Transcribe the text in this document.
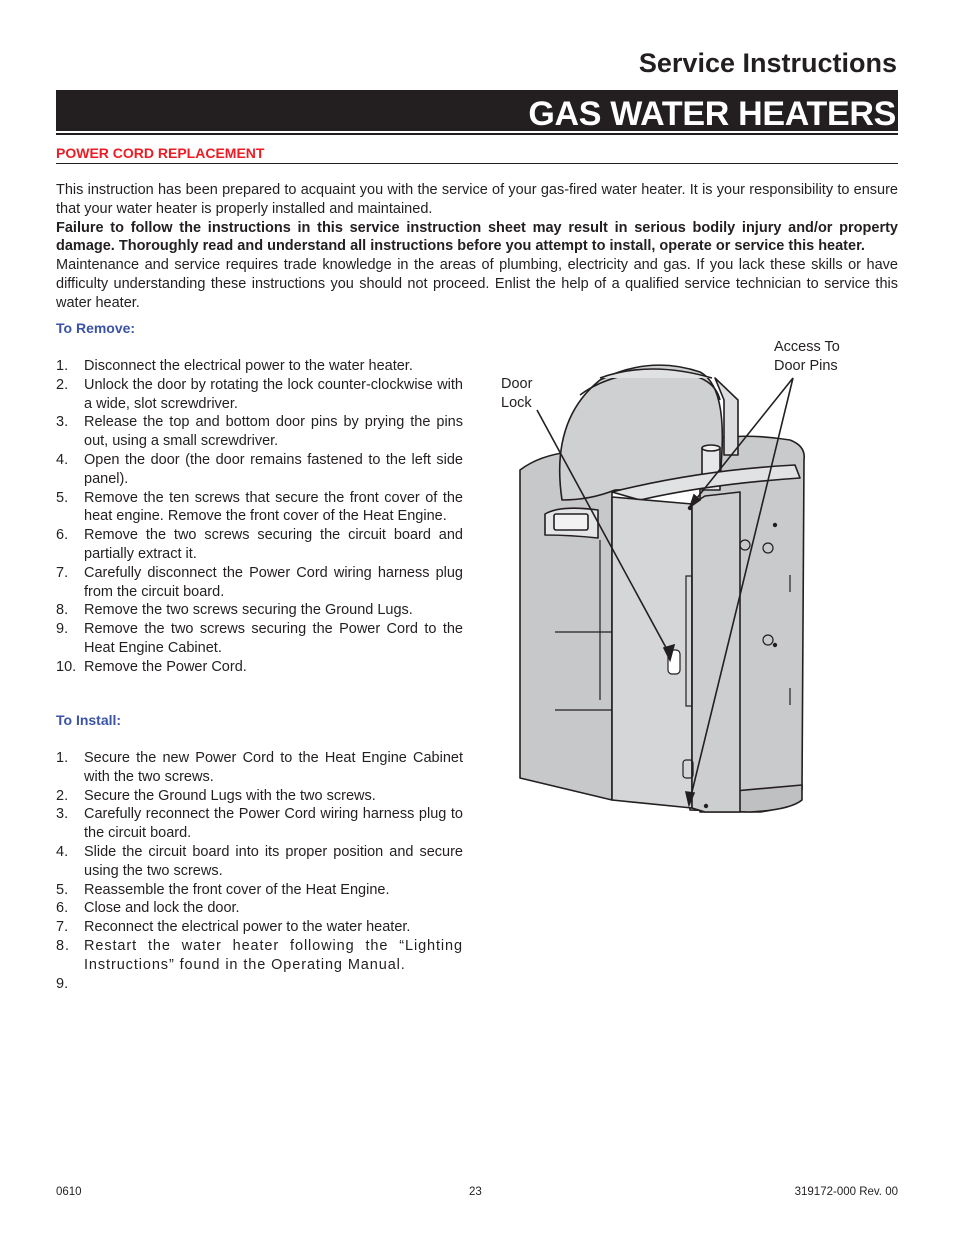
Service Instructions
GAS WATER HEATERS
POWER CORD REPLACEMENT

This instruction has been prepared to acquaint you with the service of your gas-fired water heater. It is your responsibility to ensure that your water heater is properly installed and maintained.

Failure to follow the instructions in this service instruction sheet may result in serious bodily injury and/or property damage. Thoroughly read and understand all instructions before you attempt to install, operate or service this heater.

Maintenance and service requires trade knowledge in the areas of plumbing, electricity and gas. If you lack these skills or have difficulty understanding these instructions you should not proceed. Enlist the help of a qualified service technician to service this water heater.

To Remove:
1. Disconnect the electrical power to the water heater.
2. Unlock the door by rotating the lock counter-clockwise with a wide, slot screwdriver.
3. Release the top and bottom door pins by prying the pins out, using a small screwdriver.
4. Open the door (the door remains fastened to the left side panel).
5. Remove the ten screws that secure the front cover of the heat engine. Remove the front cover of the Heat Engine.
6. Remove the two screws securing the circuit board and partially extract it.
7. Carefully disconnect the Power Cord wiring harness plug from the circuit board.
8. Remove the two screws securing the Ground Lugs.
9. Remove the two screws securing the Power Cord to the Heat Engine Cabinet.
10. Remove the Power Cord.
To Install:
1. Secure the new Power Cord to the Heat Engine Cabinet with the two screws.
2. Secure the Ground Lugs with the two screws.
3. Carefully reconnect the Power Cord wiring harness plug to the circuit board.
4. Slide the circuit board into its proper position and secure using the two screws.
5. Reassemble the front cover of the Heat Engine.
6. Close and lock the door.
7. Reconnect the electrical power to the water heater.
8. Restart the water heater following the “Lighting Instructions” found in the Operating Manual.
9.
Door
Lock
Access To
Door Pins
0610	23	319172-000 Rev. 00
